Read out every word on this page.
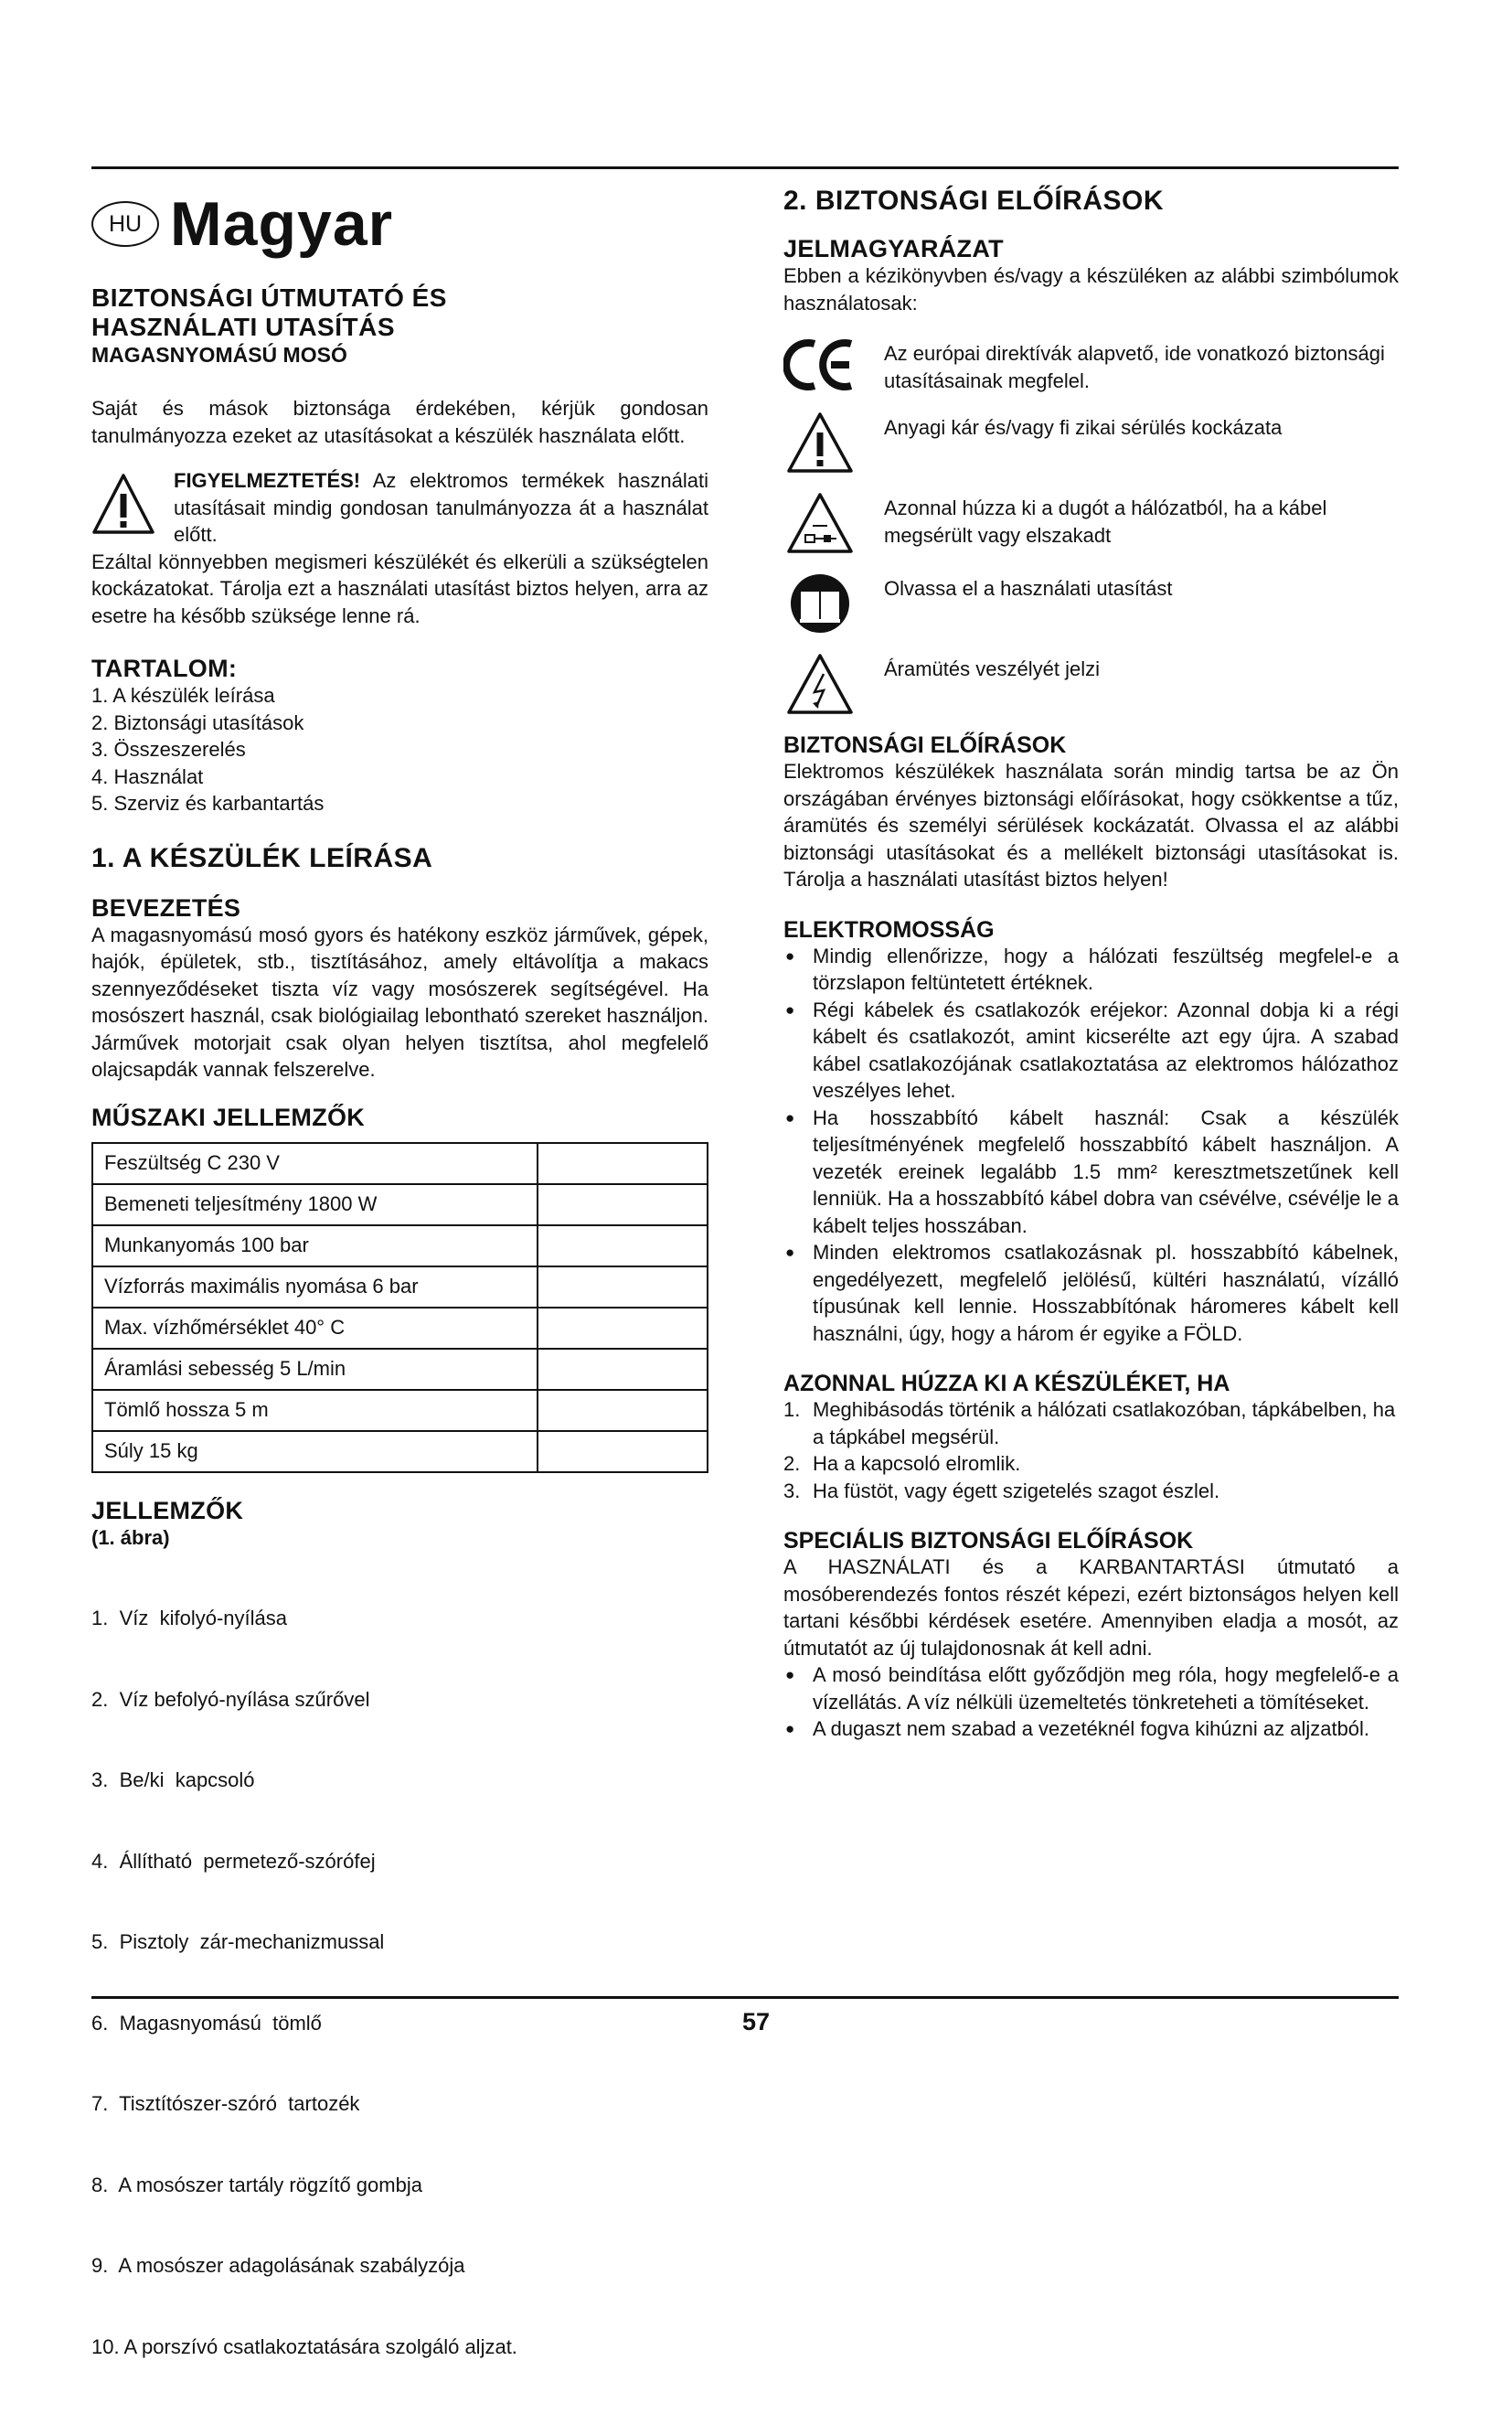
HU Magyar
BIZTONSÁGI ÚTMUTATÓ ÉS
HASZNÁLATI UTASÍTÁS
MAGASNYOMÁSÚ MOSÓ
Saját és mások biztonsága érdekében, kérjük gondosan tanulmányozza ezeket az utasításokat a készülék használata előtt.
FIGYELMEZTETÉS! Az elektromos termékek használati utasításait mindig gondosan tanulmányozza át a használat előtt.
Ezáltal könnyebben megismeri készülékét és elkerüli a szükségtelen kockázatokat. Tárolja ezt a használati utasítást biztos helyen, arra az esetre ha később szüksége lenne rá.
TARTALOM:
1. A készülék leírása
2. Biztonsági utasítások
3. Összeszerelés
4. Használat
5. Szerviz és karbantartás
1. A KÉSZÜLÉK LEÍRÁSA
BEVEZETÉS
A magasnyomású mosó gyors és hatékony eszköz járművek, gépek, hajók, épületek, stb., tisztításához, amely eltávolítja a makacs szennyeződéseket tiszta víz vagy mosószerek segítségével. Ha mosószert használ, csak biológiailag lebontható szereket használjon. Járművek motorjait csak olyan helyen tisztítsa, ahol megfelelő olajcsapdák vannak felszerelve.
MŰSZAKI JELLEMZŐK
Feszültség C 230 V	
Bemeneti teljesítmény 1800 W	
Munkanyomás 100 bar	
Vízforrás maximális nyomása 6 bar	
Max. vízhőmérséklet 40° C	
Áramlási sebesség 5 L/min	
Tömlő hossza 5 m	
Súly 15 kg	
JELLEMZŐK
(1. ábra)

1.  Víz  kifolyó-nyílása

2.  Víz befolyó-nyílása szűrővel

3.  Be/ki  kapcsoló

4.  Állítható  permetező-szórófej

5.  Pisztoly  zár-mechanizmussal

6.  Magasnyomású  tömlő

7.  Tisztítószer-szóró  tartozék

8.  A mosószer tartály rögzítő gombja

9.  A mosószer adagolásának szabályzója

10. A porszívó csatlakoztatására szolgáló aljzat.

2. BIZTONSÁGI ELŐÍRÁSOK
JELMAGYARÁZAT
Ebben a kézikönyvben és/vagy a készüléken az alábbi szimbólumok használatosak:
Az európai direktívák alapvető, ide vonatkozó biztonsági utasításainak megfelel.
Anyagi kár és/vagy fi zikai sérülés kockázata
Azonnal húzza ki a dugót a hálózatból, ha a kábel megsérült vagy elszakadt
Olvassa el a használati utasítást
Áramütés veszélyét jelzi
BIZTONSÁGI ELŐÍRÁSOK
Elektromos készülékek használata során mindig tartsa be az Ön országában érvényes biztonsági előírásokat, hogy csökkentse a tűz, áramütés és személyi sérülések kockázatát. Olvassa el az alábbi biztonsági utasításokat és a mellékelt biztonsági utasításokat is. Tárolja a használati utasítást biztos helyen!
ELEKTROMOSSÁG
● Mindig ellenőrizze, hogy a hálózati feszültség megfelel-e a törzslapon feltüntetett értéknek.
● Régi kábelek és csatlakozók eréjekor: Azonnal dobja ki a régi kábelt és csatlakozót, amint kicserélte azt egy újra. A szabad kábel csatlakozójának csatlakoztatása az elektromos hálózathoz veszélyes lehet.
● Ha hosszabbító kábelt használ: Csak a készülék teljesítményének megfelelő hosszabbító kábelt használjon. A vezeték ereinek legalább 1.5 mm² keresztmetszetűnek kell lenniük. Ha a hosszabbító kábel dobra van csévélve, csévélje le a kábelt teljes hosszában.
● Minden elektromos csatlakozásnak pl. hosszabbító kábelnek, engedélyezett, megfelelő jelölésű, kültéri használatú, vízálló típusúnak kell lennie. Hosszabbítónak háromeres kábelt kell használni, úgy, hogy a három ér egyike a FÖLD.
AZONNAL HÚZZA KI A KÉSZÜLÉKET, HA
1. Meghibásodás történik a hálózati csatlakozóban, tápkábelben, ha a tápkábel megsérül.
2. Ha a kapcsoló elromlik.
3. Ha füstöt, vagy égett szigetelés szagot észlel.
SPECIÁLIS BIZTONSÁGI ELŐÍRÁSOK
A HASZNÁLATI és a KARBANTARTÁSI útmutató a mosóberendezés fontos részét képezi, ezért biztonságos helyen kell tartani későbbi kérdések esetére. Amennyiben eladja a mosót, az útmutatót az új tulajdonosnak át kell adni.
● A mosó beindítása előtt győződjön meg róla, hogy megfelelő-e a vízellátás. A víz nélküli üzemeltetés tönkreteheti a tömítéseket.
● A dugaszt nem szabad a vezetéknél fogva kihúzni az aljzatból.
57
